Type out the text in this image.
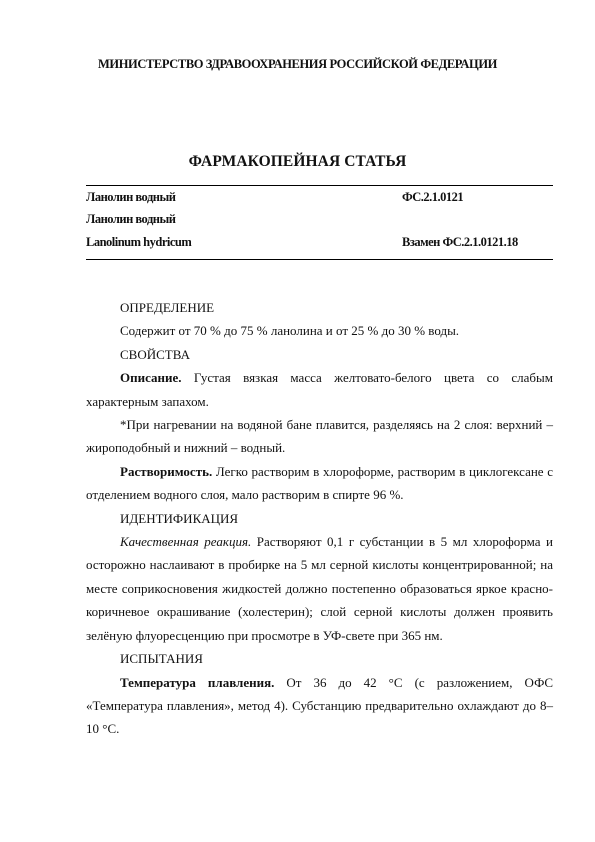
МИНИСТЕРСТВО ЗДРАВООХРАНЕНИЯ РОССИЙСКОЙ ФЕДЕРАЦИИ
ФАРМАКОПЕЙНАЯ СТАТЬЯ
Ланолин водный	ФС.2.1.0121
Ланолин водный
Lanolinum hydricum	Взамен ФС.2.1.0121.18

ОПРЕДЕЛЕНИЕ

Содержит от 70 % до 75 % ланолина и от 25 % до 30 % воды.

СВОЙСТВА

Описание. Густая вязкая масса желтовато-белого цвета со слабым характерным запахом.

*При нагревании на водяной бане плавится, разделяясь на 2 слоя: верхний – жироподобный и нижний – водный.

Растворимость. Легко растворим в хлороформе, растворим в циклогексане с отделением водного слоя, мало растворим в спирте 96 %.

ИДЕНТИФИКАЦИЯ

Качественная реакция. Растворяют 0,1 г субстанции в 5 мл хлороформа и осторожно наслаивают в пробирке на 5 мл серной кислоты концентрированной; на месте соприкосновения жидкостей должно постепенно образоваться яркое красно-коричневое окрашивание (холестерин); слой серной кислоты должен проявить зелёную флуоресценцию при просмотре в УФ-свете при 365 нм.

ИСПЫТАНИЯ

Температура плавления. От 36 до 42 °С (с разложением, ОФС «Температура плавления», метод 4). Субстанцию предварительно охлаждают до 8–10 °С.
